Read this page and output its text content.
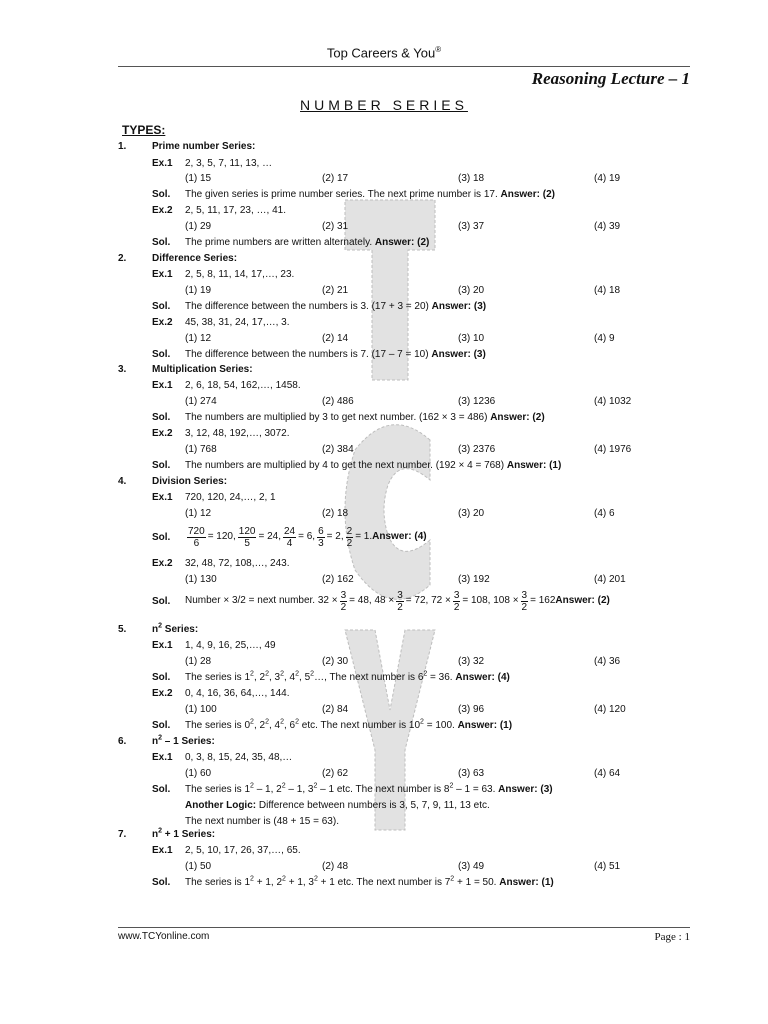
Top Careers & You®
Reasoning Lecture – 1
NUMBER SERIES
TYPES:
1.	Prime number Series:
Ex.1 2, 3, 5, 7, 11, 13, …
(1) 15	(2) 17	(3) 18	(4) 19
Sol. The given series is prime number series. The next prime number is 17. Answer: (2)
Ex.2 2, 5, 11, 17, 23, …, 41.
(1) 29	(2) 31	(3) 37	(4) 39
Sol. The prime numbers are written alternately. Answer: (2)
2.	Difference Series:
Ex.1 2, 5, 8, 11, 14, 17,…, 23.
(1) 19	(2) 21	(3) 20	(4) 18
Sol. The difference between the numbers is 3. (17 + 3 = 20) Answer: (3)
Ex.2 45, 38, 31, 24, 17,…, 3.
(1) 12	(2) 14	(3) 10	(4) 9
Sol. The difference between the numbers is 7. (17 – 7 = 10) Answer: (3)
3.	Multiplication Series:
Ex.1 2, 6, 18, 54, 162,…, 1458.
(1) 274	(2) 486	(3) 1236	(4) 1032
Sol. The numbers are multiplied by 3 to get next number. (162 × 3 = 486) Answer: (2)
Ex.2 3, 12, 48, 192,…, 3072.
(1) 768	(2) 384	(3) 2376	(4) 1976
Sol. The numbers are multiplied by 4 to get the next number. (192 × 4 = 768) Answer: (1)
4.	Division Series:
Ex.1 720, 120, 24,…, 2, 1
(1) 12	(2) 18	(3) 20	(4) 6
Sol. $\frac{720}{6} = 120$, $\frac{120}{5} = 24$, $\frac{24}{4} = 6$, $\frac{6}{3} = 2$, $\frac{2}{2} = 1$. Answer: (4)
Ex.2 32, 48, 72, 108,…, 243.
(1) 130	(2) 162	(3) 192	(4) 201
Sol. Number × 3/2 = next number. $32 \times \frac{3}{2} = 48$, $48 \times \frac{3}{2} = 72$, $72 \times \frac{3}{2} = 108$, $108 \times \frac{3}{2} = 162$ Answer: (2)
5.	$n^2$ Series:
Ex.1 1, 4, 9, 16, 25,…, 49
(1) 28	(2) 30	(3) 32	(4) 36
Sol. The series is $1^2$, $2^2$, $3^2$, $4^2$, $5^2\dots$, The next number is $6^2 = 36$. Answer: (4)
Ex.2 0, 4, 16, 36, 64,…, 144.
(1) 100	(2) 84	(3) 96	(4) 120
Sol. The series is $0^2$, $2^2$, $4^2$, $6^2$ etc. The next number is $10^2 = 100$. Answer: (1)
6.	$n^2 - 1$ Series:
Ex.1 0, 3, 8, 15, 24, 35, 48,…
(1) 60	(2) 62	(3) 63	(4) 64
Sol. The series is $1^2 - 1$, $2^2 - 1$, $3^2 - 1$ etc. The next number is $8^2 - 1 = 63$. Answer: (3)
Another Logic: Difference between numbers is 3, 5, 7, 9, 11, 13 etc.
The next number is (48 + 15 = 63).
7.	$n^2 + 1$ Series:
Ex.1 2, 5, 10, 17, 26, 37,…, 65.
(1) 50	(2) 48	(3) 49	(4) 51
Sol. The series is $1^2 + 1$, $2^2 + 1$, $3^2 + 1$ etc. The next number is $7^2 + 1 = 50$. Answer: (1)
www.TCYonline.com	Page : 1
